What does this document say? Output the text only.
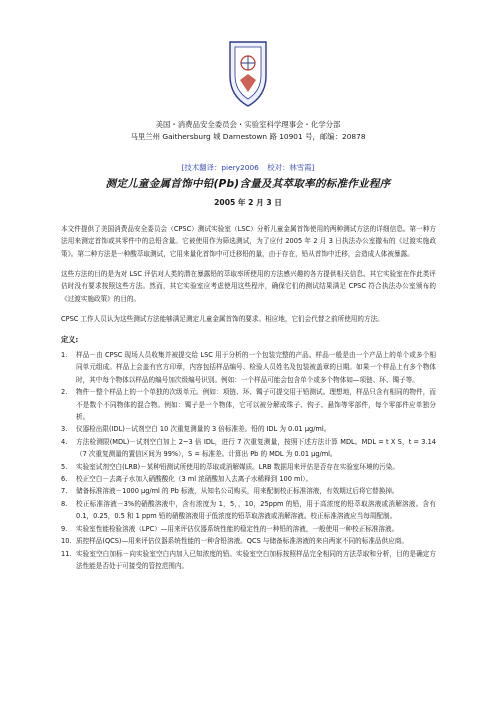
美国・消费品安全委员会・实验室科学理事会・化学分部
马里兰州 Gaithersburg 城 Darnestown 路 10901 号，邮编：20878
[技术翻译：piery2006 校对：林雪霞]
测定儿童金属首饰中铅(Pb)含量及其萃取率的标准作业程序
2005 年 2 月 3 日
本文件提供了美国消费品安全委员会（CPSC）测试实验室（LSC）分析儿童金属首饰使用的两种测试方法的详细信息。第一种方法用来测定首饰或其零件中的总铅含量。它被使用作为筛选测试，为了应付 2005 年 2 月 3 日执法办公室撤布的《过渡实施政策》。第二种方法是一种酸萃取测试，它用来量化首饰中可迁移铅的量，由于存在，铅从首饰中迁移，会造成人体被暴露。
这些方法的目的是为对 LSC 评估对人类的潜在暴露铅的萃取率所使用的方法感兴趣的各方提供相关信息。其它实验室在作此类评估时没有要求按照这些方法。然而，其它实验室应考虑使用这些程序，确保它们的测试结果满足 CPSC 符合执法办公室颁布的《过渡实施政策》的目的。
CPSC 工作人员认为这些测试方法能够满足测定儿童金属首饰的要求。相应地，它们会代替之前所使用的方法。
定义:
1. 样品－由 CPSC 现场人员收集并被提交给 LSC 用于分析的一个包装完整的产品。样品一般是由一个产品上的单个或多个相同单元组成。样品上会盖有官方印章，内容包括样品编号、检验人员姓名及包装被盖章的日期。如果一个样品上有多个物体时，其中每个物体以样品的编号加次级编号识别。例如：一个样品可能会包含单个或多个物体如—项链、环、镯子等。
2. 物件－整个样品上的一个单独的次级单元。例如：项链、环、镯子可提交用于铅测试。理想地，样品只含有相同的物件，而不是数个不同物体的混合物。例如：镯子是一个物体，它可以被分解成珠子、钩子、悬饰等零部件，每个零部件应单独分析。
3. 仪器检出限(IDL)－试剂空白 10 次重复测量的 3 倍标准差。铅的 IDL 为 0.01 µg/ml。
4. 方法检测限(MDL)－试剂空白加上 2~3 倍 IDL，进行 7 次重复测量，按照下述方法计算 MDL。MDL = t X S，t = 3.14（7 次重复测量的置信区间为 99%），S = 标准差。计算出 Pb 的 MDL 为 0.01 µg/ml。
5. 实验室试剂空白(LRB)－某种铅测试所使用的萃取或消解媒质。LRB 数据用来评估是否存在实验室环境的污染。
6. 校正空白－去离子水加入硝酸酸化（3 ml 浓硝酸加入去离子水稀释到 100 ml）。
7. 储备标准溶液－1000 µg/ml 的 Pb 标液，从知名公司购买，用来配制校正标准溶液，有效期过后将它替换掉。
8. 校正标准溶液－3%的硝酸溶液中，含有浓度为 1，5，，10，25ppm 的铅，用于高浓度的铅萃取溶液或消解溶液。含有 0.1，0.25，0.5 和 1 ppm 铅的硝酸溶液用于低浓度的铅萃取溶液或消解溶液。校正标准溶液应当每周配制。
9. 实验室性能检验溶液（LPC）—用来评估仪器系统性能的稳定性的一种铅的溶液，一般使用一种校正标准溶液。
10. 质控样品(QCS)—用来评估仪器系统性能的一种含铅溶液。QCS 与储备标准溶液的来自两家不同的标准品供应商。
11. 实验室空白加标－向实验室空白内加入已知浓度的铅。实验室空白加标按照样品完全相同的方法萃取和分析，目的是确定方法性能是否处于可接受的管控范围内。
